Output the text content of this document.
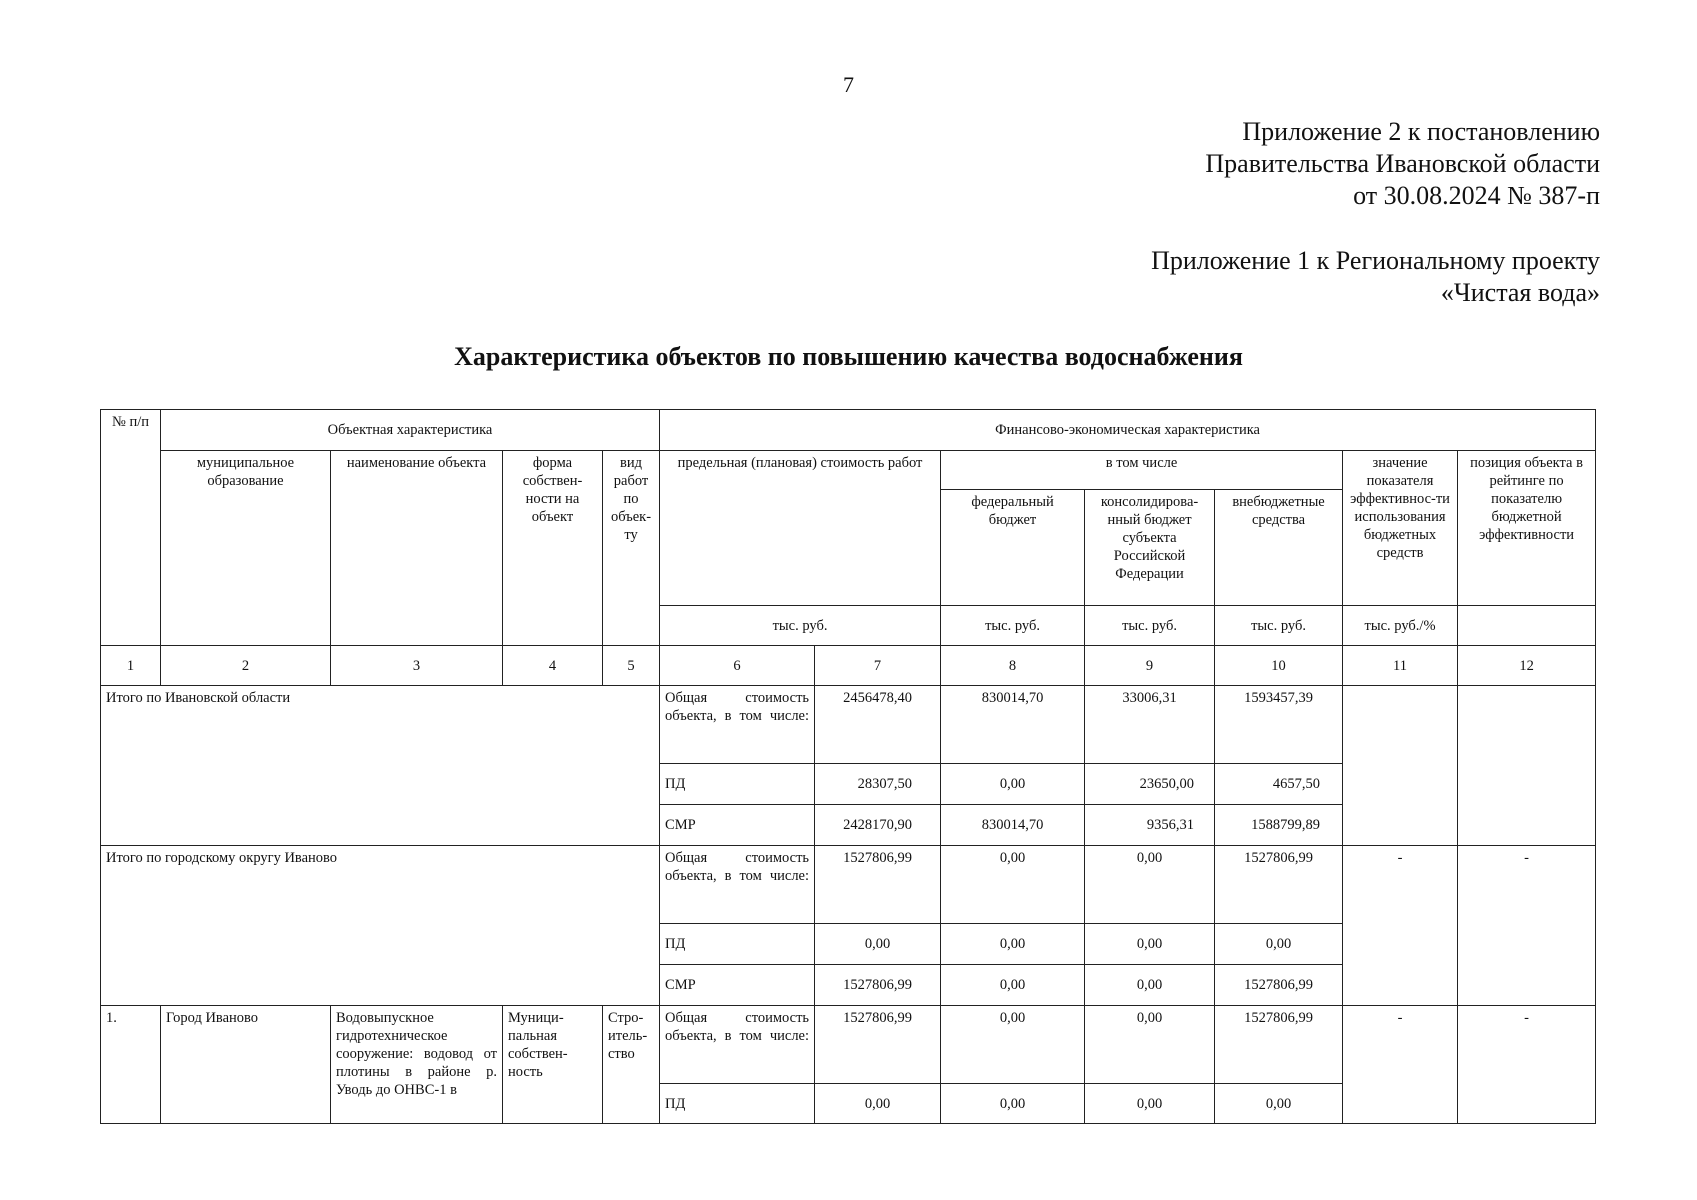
7
Приложение 2 к постановлению
Правительства Ивановской области
от 30.08.2024 № 387-п
Приложение 1 к Региональному проекту
«Чистая вода»
Характеристика объектов по повышению качества водоснабжения
№ п/п	Объектная характеристика				Финансово-экономическая характеристика						
	муниципальное образование	наименование объекта	форма собствен-ности на объект	вид работ по объек-ту	предельная (плановая) стоимость работ		в том числе			значение показателя эффективнос-ти использования бюджетных средств	позиция объекта в рейтинге по показателю бюджетной эффективности
							федеральный бюджет	консолидирова-нный бюджет субъекта Российской Федерации	внебюджетные средства		
					тыс. руб.		тыс. руб.	тыс. руб.	тыс. руб.	тыс. руб./%	
1	2	3	4	5	6	7	8	9	10	11	12
Итого по Ивановской области					Общая стоимость объекта, в том числе:	2456478,40	830014,70	33006,31	1593457,39		
					ПД	28307,50	0,00	23650,00	4657,50		
					СМР	2428170,90	830014,70	9356,31	1588799,89		
Итого по городскому округу Иваново					Общая стоимость объекта, в том числе:	1527806,99	0,00	0,00	1527806,99	-	-
					ПД	0,00	0,00	0,00	0,00		
					СМР	1527806,99	0,00	0,00	1527806,99		
1.	Город Иваново	Водовыпускное гидротехническое сооружение: водовод от плотины в районе р. Уводь до ОНВС-1 в	Муници-пальная собствен-ность	Стро-итель-ство	Общая стоимость объекта, в том числе:	1527806,99	0,00	0,00	1527806,99	-	-
					ПД	0,00	0,00	0,00	0,00		
